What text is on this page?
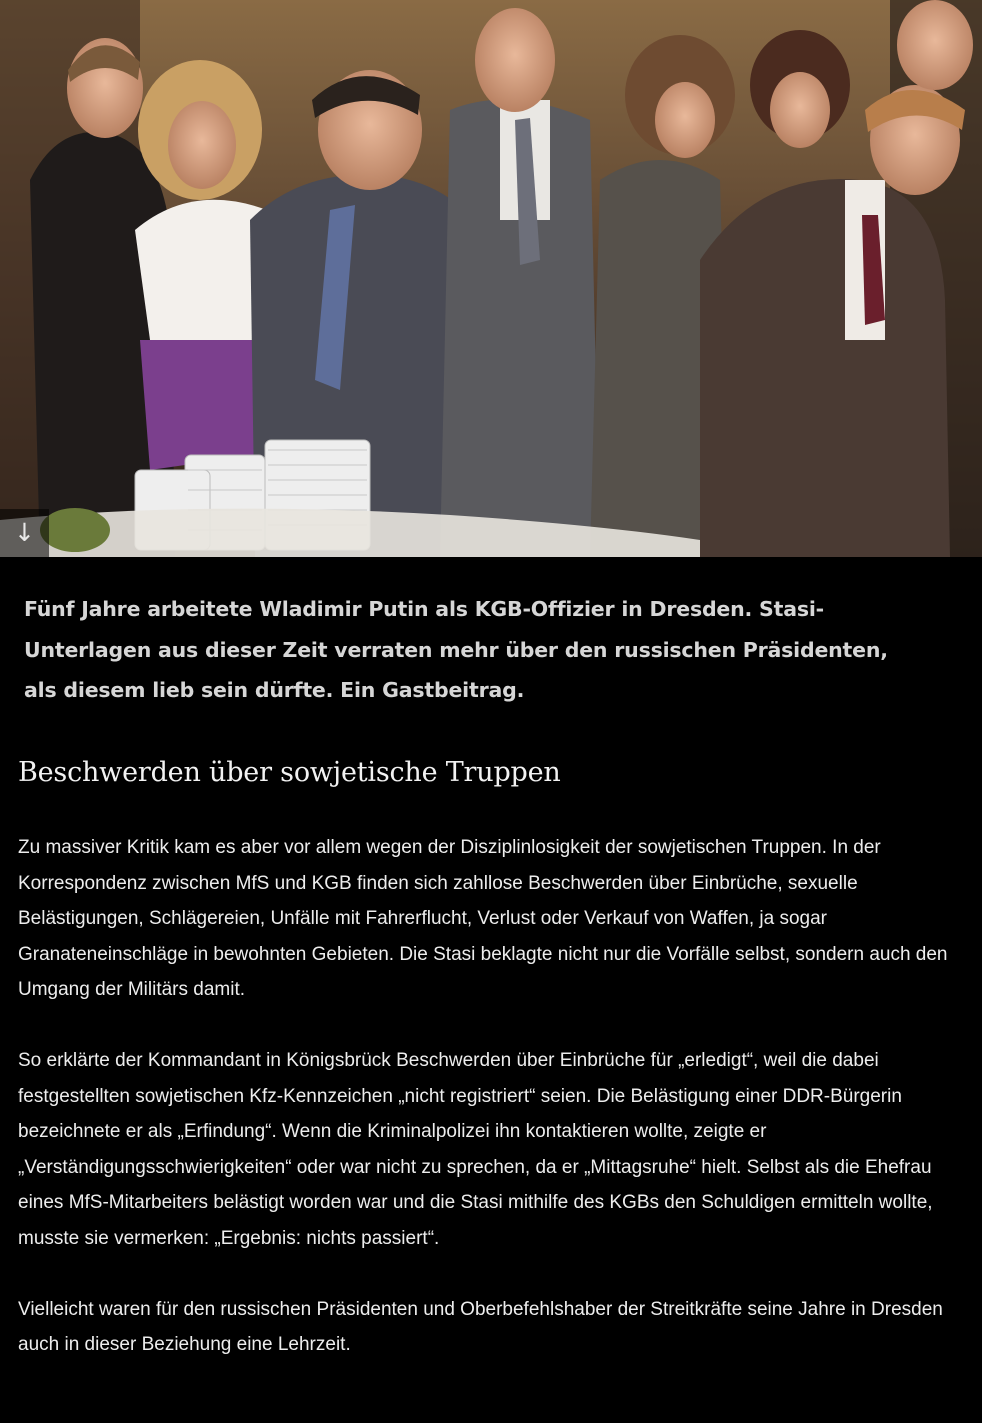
↓

Fünf Jahre arbeitete Wladimir Putin als KGB-Offizier in Dresden. Stasi-Unterlagen aus dieser Zeit verraten mehr über den russischen Präsidenten, als diesem lieb sein dürfte. Ein Gastbeitrag.

Beschwerden über sowjetische Truppen

Zu massiver Kritik kam es aber vor allem wegen der Disziplinlosigkeit der sowjetischen Truppen. In der Korrespondenz zwischen MfS und KGB finden sich zahllose Beschwerden über Einbrüche, sexuelle Belästigungen, Schlägereien, Unfälle mit Fahrerflucht, Verlust oder Verkauf von Waffen, ja sogar Granateneinschläge in bewohnten Gebieten. Die Stasi beklagte nicht nur die Vorfälle selbst, sondern auch den Umgang der Militärs damit.

So erklärte der Kommandant in Königsbrück Beschwerden über Einbrüche für „erledigt“, weil die dabei festgestellten sowjetischen Kfz-Kennzeichen „nicht registriert“ seien. Die Belästigung einer DDR-Bürgerin bezeichnete er als „Erfindung“. Wenn die Kriminalpolizei ihn kontaktieren wollte, zeigte er „Verständigungsschwierigkeiten“ oder war nicht zu sprechen, da er „Mittagsruhe“ hielt. Selbst als die Ehefrau eines MfS-Mitarbeiters belästigt worden war und die Stasi mithilfe des KGBs den Schuldigen ermitteln wollte, musste sie vermerken: „Ergebnis: nichts passiert“.

Vielleicht waren für den russischen Präsidenten und Oberbefehlshaber der Streitkräfte seine Jahre in Dresden auch in dieser Beziehung eine Lehrzeit.
